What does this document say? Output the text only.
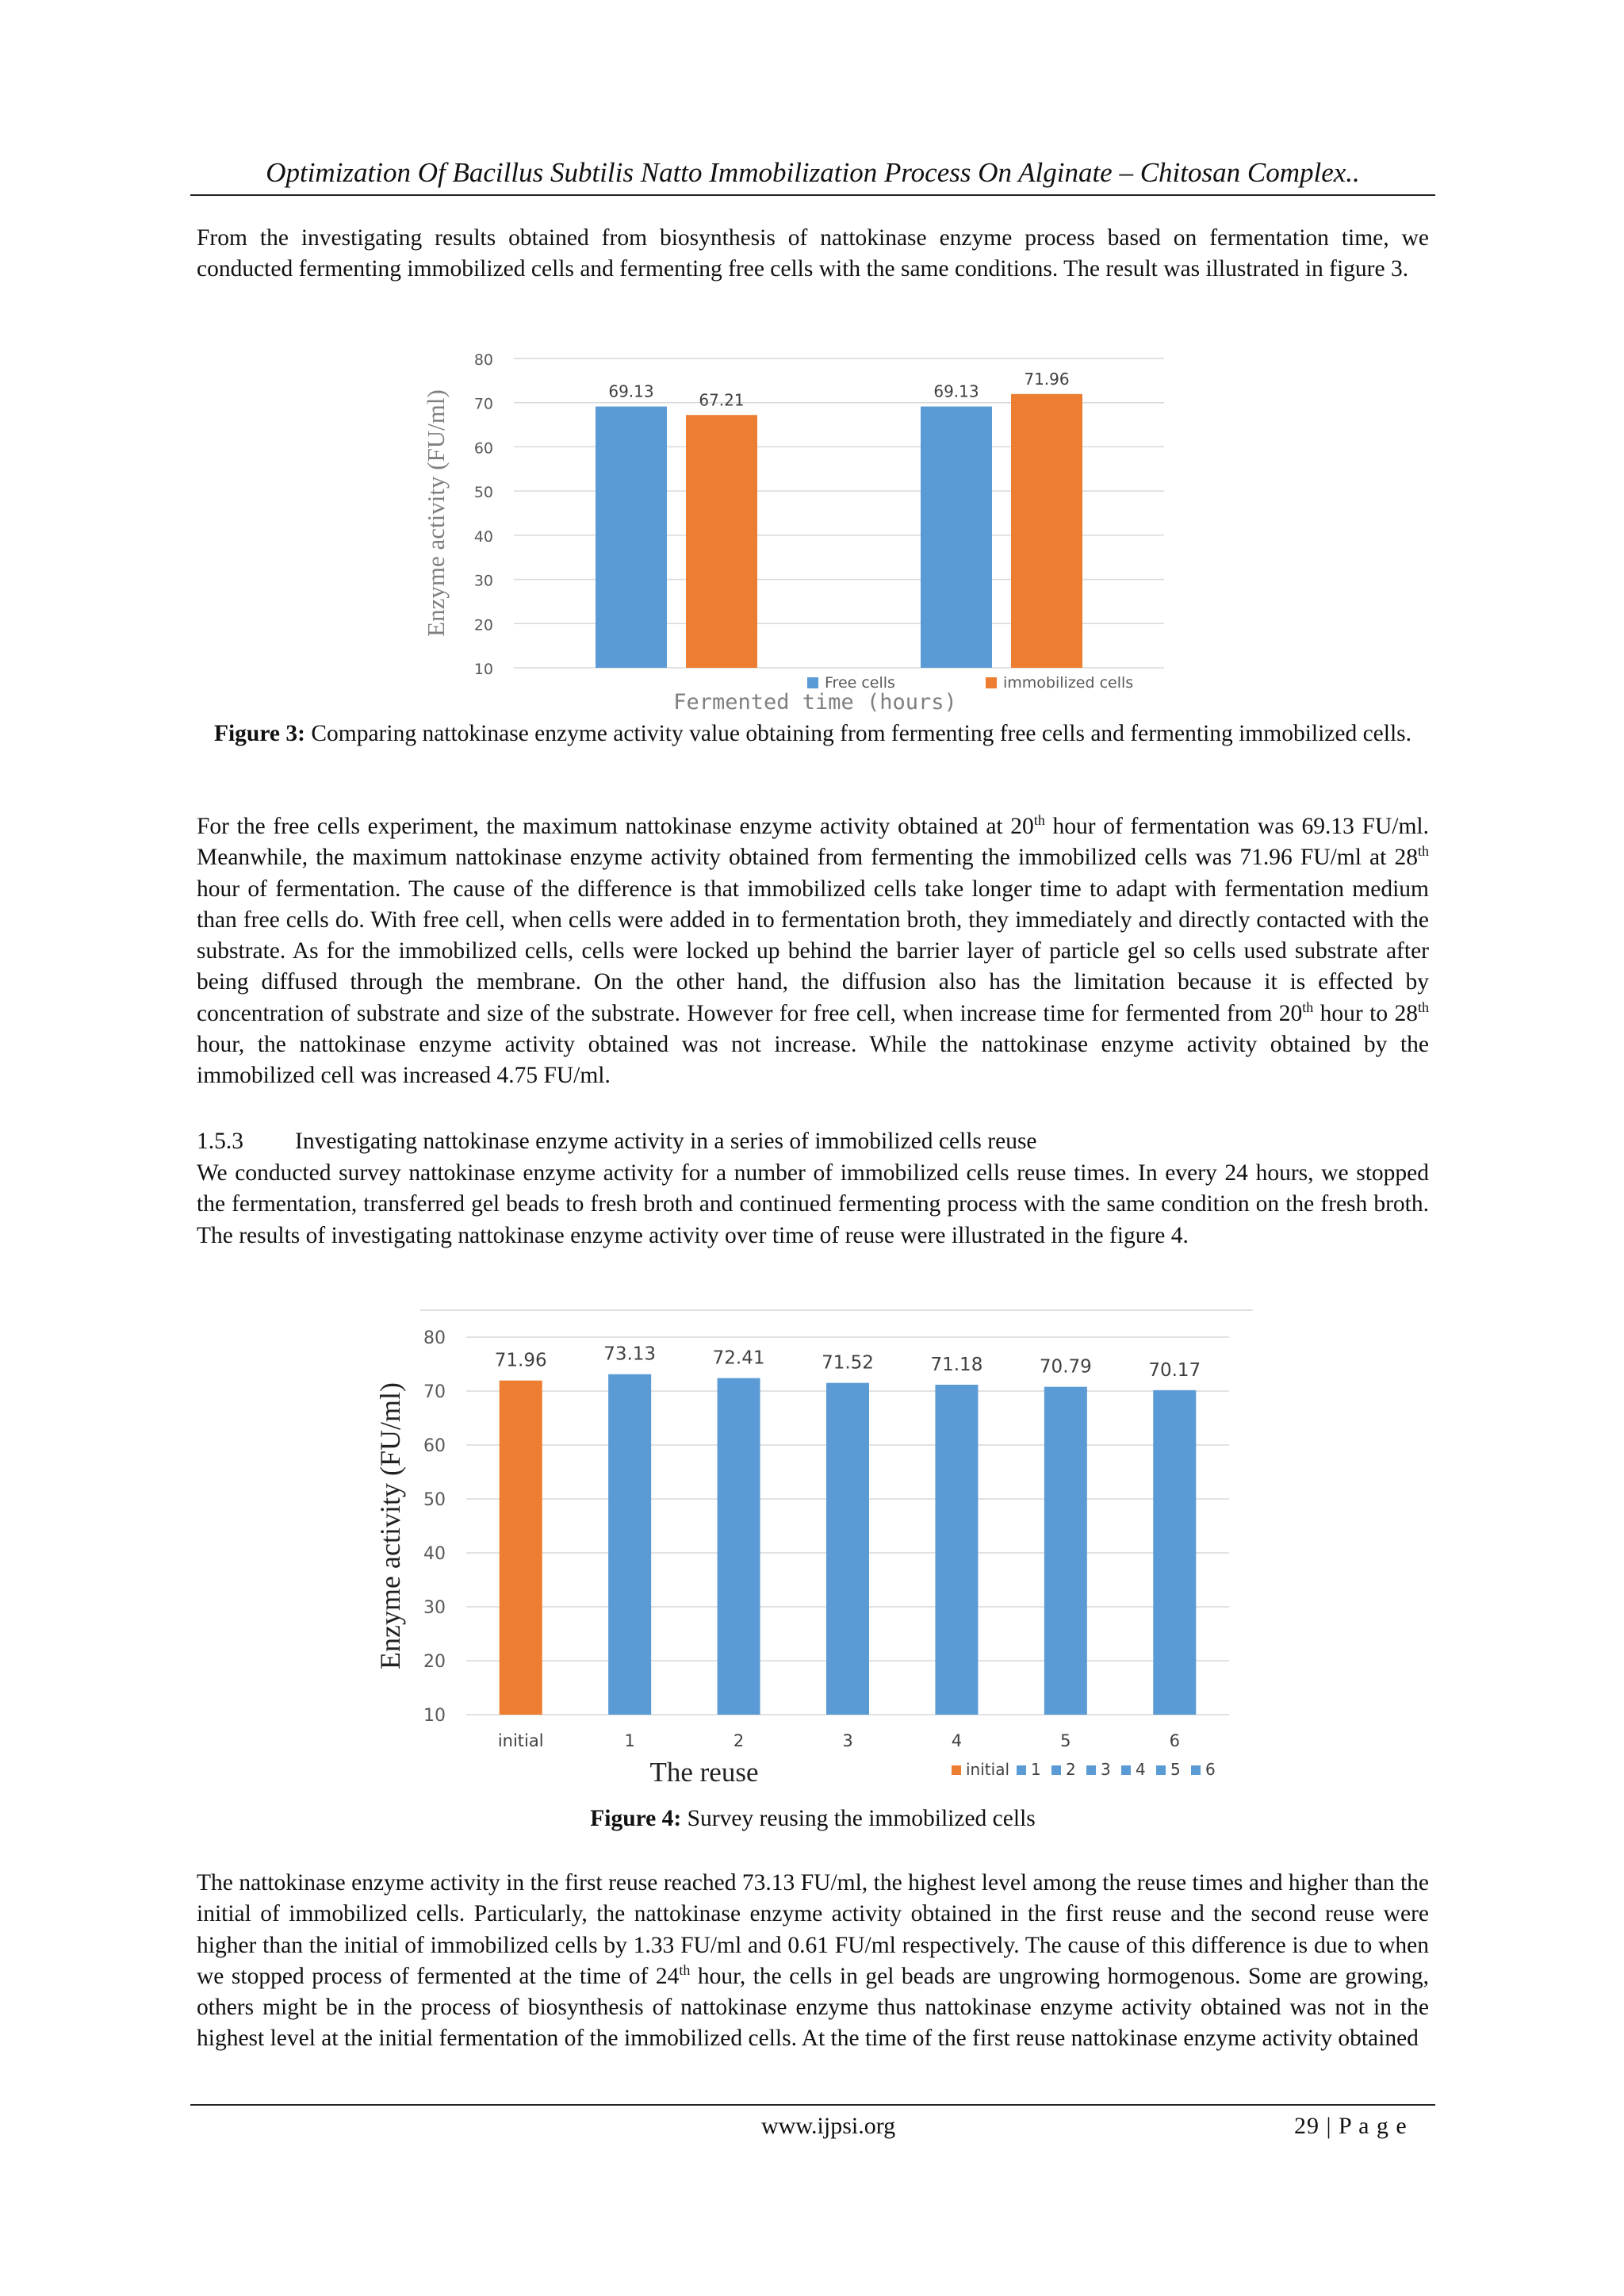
Optimization Of Bacillus Subtilis Natto Immobilization Process On Alginate – Chitosan Complex..

From the investigating results obtained from biosynthesis of nattokinase enzyme process based on fermentation time, we conducted fermenting immobilized cells and fermenting free cells with the same conditions. The result was illustrated in figure 3.

10
20
30
40
50
60
70
80
69.13	69.13
67.21
71.96
Enzyme activity (FU/ml)
Free cells	immobilized cells
Fermented time (hours)
Figure 3: Comparing nattokinase enzyme activity value obtaining from fermenting free cells and fermenting immobilized cells.

For the free cells experiment, the maximum nattokinase enzyme activity obtained at 20th hour of fermentation was 69.13 FU/ml. Meanwhile, the maximum nattokinase enzyme activity obtained from fermenting the immobilized cells was 71.96 FU/ml at 28th hour of fermentation. The cause of the difference is that immobilized cells take longer time to adapt with fermentation medium than free cells do. With free cell, when cells were added in to fermentation broth, they immediately and directly contacted with the substrate. As for the immobilized cells, cells were locked up behind the barrier layer of particle gel so cells used substrate after being diffused through the membrane. On the other hand, the diffusion also has the limitation because it is effected by concentration of substrate and size of the substrate. However for free cell, when increase time for fermented from 20th hour to 28th hour, the nattokinase enzyme activity obtained was not increase. While the nattokinase enzyme activity obtained by the immobilized cell was increased 4.75 FU/ml.

1.5.3 Investigating nattokinase enzyme activity in a series of immobilized cells reuse

We conducted survey nattokinase enzyme activity for a number of immobilized cells reuse times. In every 24 hours, we stopped the fermentation, transferred gel beads to fresh broth and continued fermenting process with the same condition on the fresh broth. The results of investigating nattokinase enzyme activity over time of reuse were illustrated in the figure 4.

10
20
30
40
50
60
70
80
71.96
initial
73.13
1
72.41
2
71.52
3
71.18
4
70.79
5
70.17
6
Enzyme activity (FU/ml)
The reuse	initial 1 2 3 4 5 6
Figure 4: Survey reusing the immobilized cells

The nattokinase enzyme activity in the first reuse reached 73.13 FU/ml, the highest level among the reuse times and higher than the initial of immobilized cells. Particularly, the nattokinase enzyme activity obtained in the first reuse and the second reuse were higher than the initial of immobilized cells by 1.33 FU/ml and 0.61 FU/ml respectively. The cause of this difference is due to when we stopped process of fermented at the time of 24th hour, the cells in gel beads are ungrowing hormogenous. Some are growing, others might be in the process of biosynthesis of nattokinase enzyme thus nattokinase enzyme activity obtained was not in the highest level at the initial fermentation of the immobilized cells. At the time of the first reuse nattokinase enzyme activity obtained

www.ijpsi.org	29 | P a g e
